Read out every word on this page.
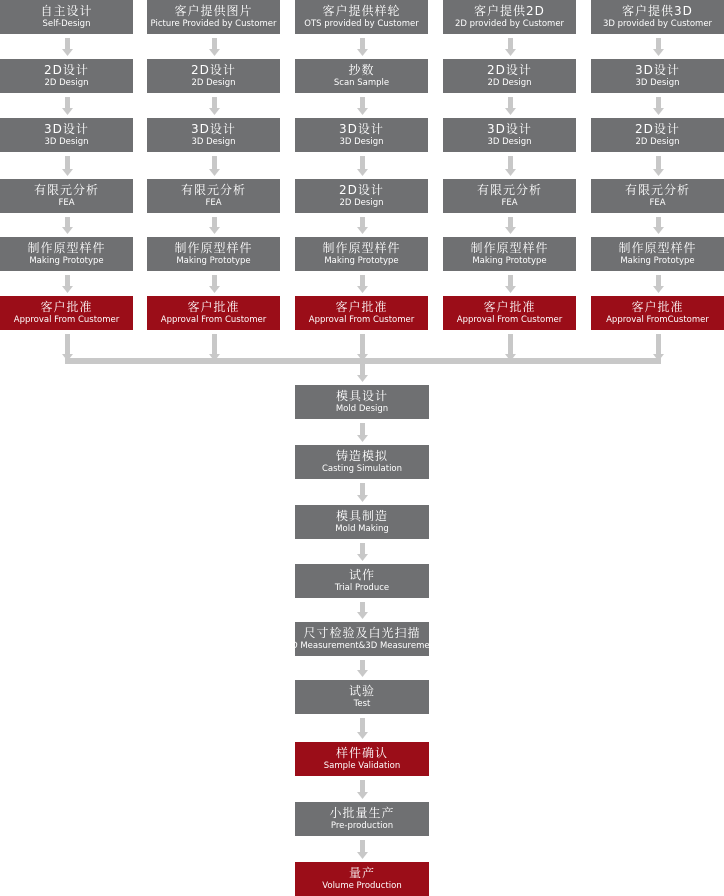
自主设计
Self-Design
2D设计
2D Design
3D设计
3D Design
有限元分析
FEA
制作原型样件
Making Prototype
客户批准
Approval From Customer
客户提供图片
Picture Provided by Customer
2D设计
2D Design
3D设计
3D Design
有限元分析
FEA
制作原型样件
Making Prototype
客户批准
Approval From Customer
客户提供样轮
OTS provided by Customer
抄数
Scan Sample
3D设计
3D Design
2D设计
2D Design
制作原型样件
Making Prototype
客户批准
Approval From Customer
客户提供2D
2D provided by Customer
2D设计
2D Design
3D设计
3D Design
有限元分析
FEA
制作原型样件
Making Prototype
客户批准
Approval From Customer
客户提供3D
3D provided by Customer
3D设计
3D Design
2D设计
2D Design
有限元分析
FEA
制作原型样件
Making Prototype
客户批准
Approval FromCustomer
模具设计
Mold Design
铸造模拟
Casting Simulation
模具制造
Mold Making
试作
Trial Produce
尺寸检验及白光扫描
2D Measurement&3D Measurement
试验
Test
样件确认
Sample Validation
小批量生产
Pre-production
量产
Volume Production
